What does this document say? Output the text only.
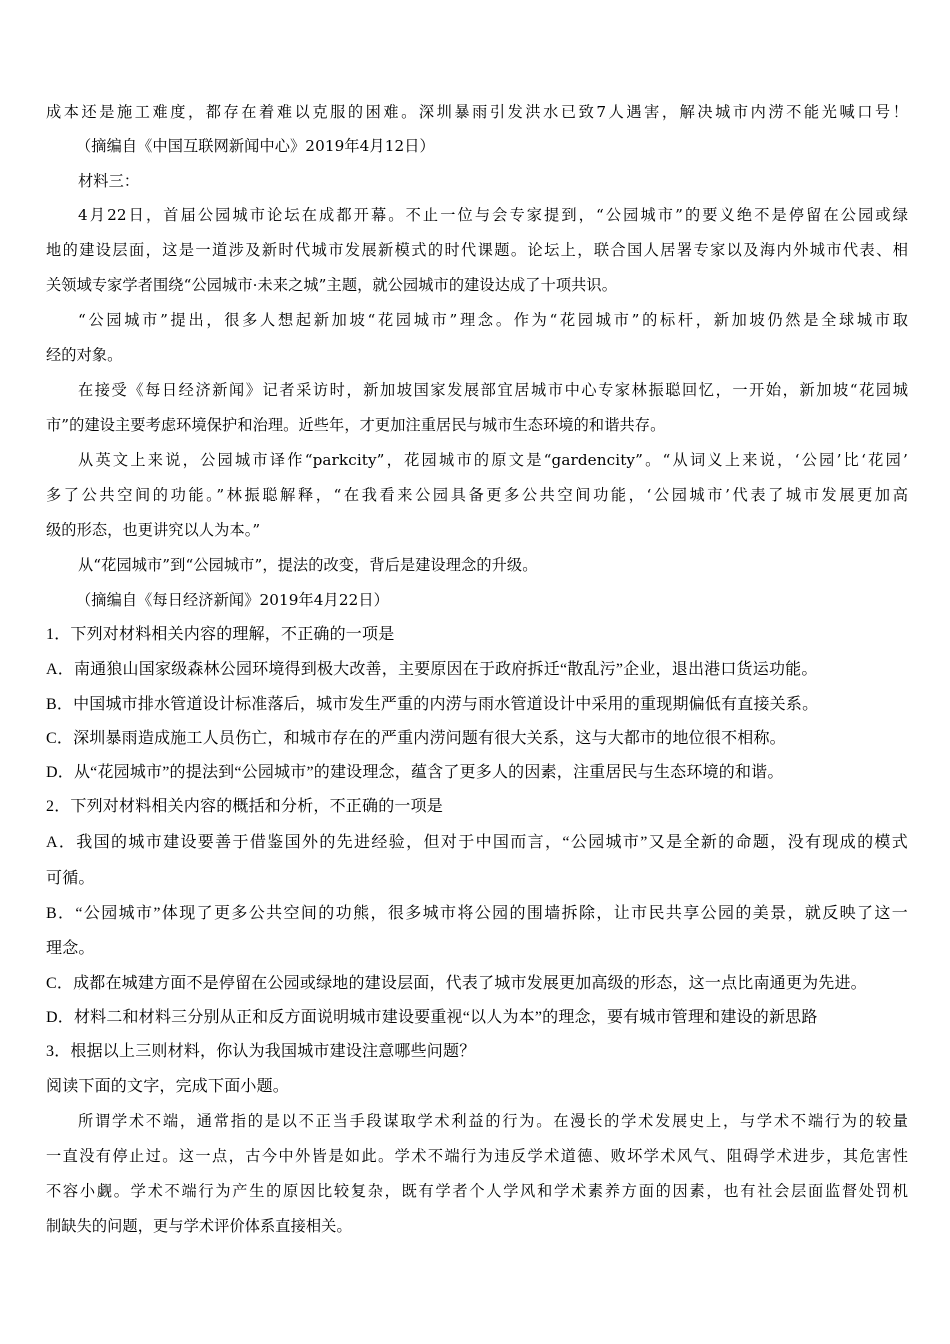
成本还是施工难度，都存在着难以克服的困难。深圳暴雨引发洪水已致7人遇害，解决城市内涝不能光喊口号！
（摘编自《中国互联网新闻中心》2019年4月12日）
材料三：
4月22日，首届公园城市论坛在成都开幕。不止一位与会专家提到，“公园城市”的要义绝不是停留在公园或绿
地的建设层面，这是一道涉及新时代城市发展新模式的时代课题。论坛上，联合国人居署专家以及海内外城市代表、相
关领域专家学者围绕“公园城市·未来之城”主题，就公园城市的建设达成了十项共识。
“公园城市”提出，很多人想起新加坡“花园城市”理念。作为“花园城市”的标杆，新加坡仍然是全球城市取
经的对象。
在接受《每日经济新闻》记者采访时，新加坡国家发展部宜居城市中心专家林振聪回忆，一开始，新加坡“花园城
市”的建设主要考虑环境保护和治理。近些年，才更加注重居民与城市生态环境的和谐共存。
从英文上来说，公园城市译作“parkcity”，花园城市的原文是“gardencity”。“从词义上来说，‘公园’比‘花园’
多了公共空间的功能。”林振聪解释，“在我看来公园具备更多公共空间功能，‘公园城市’代表了城市发展更加高
级的形态，也更讲究以人为本。”
从“花园城市”到“公园城市”，提法的改变，背后是建设理念的升级。
（摘编自《每日经济新闻》2019年4月22日）
1．下列对材料相关内容的理解，不正确的一项是
A．南通狼山国家级森林公园环境得到极大改善，主要原因在于政府拆迁“散乱污”企业，退出港口货运功能。
B．中国城市排水管道设计标准落后，城市发生严重的内涝与雨水管道设计中采用的重现期偏低有直接关系。
C．深圳暴雨造成施工人员伤亡，和城市存在的严重内涝问题有很大关系，这与大都市的地位很不相称。
D．从“花园城市”的提法到“公园城市”的建设理念，蕴含了更多人的因素，注重居民与生态环境的和谐。
2．下列对材料相关内容的概括和分析，不正确的一项是
A．我国的城市建设要善于借鉴国外的先进经验，但对于中国而言，“公园城市”又是全新的命题，没有现成的模式
可循。
B．“公园城市”体现了更多公共空间的功熊，很多城市将公园的围墙拆除，让市民共享公园的美景，就反映了这一
理念。
C．成都在城建方面不是停留在公园或绿地的建设层面，代表了城市发展更加高级的形态，这一点比南通更为先进。
D．材料二和材料三分别从正和反方面说明城市建设要重视“以人为本”的理念，要有城市管理和建设的新思路
3．根据以上三则材料，你认为我国城市建设注意哪些问题？
阅读下面的文字，完成下面小题。
所谓学术不端，通常指的是以不正当手段谋取学术利益的行为。在漫长的学术发展史上，与学术不端行为的较量
一直没有停止过。这一点，古今中外皆是如此。学术不端行为违反学术道德、败坏学术风气、阻碍学术进步，其危害性
不容小觑。学术不端行为产生的原因比较复杂，既有学者个人学风和学术素养方面的因素，也有社会层面监督处罚机
制缺失的问题，更与学术评价体系直接相关。
